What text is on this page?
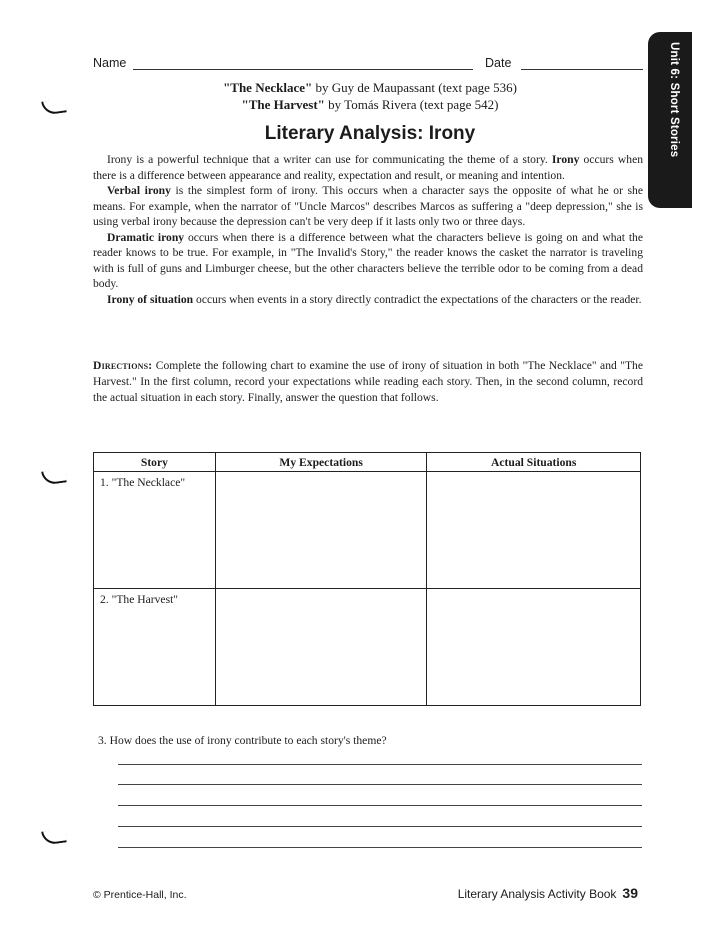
Name	Date	Unit 6: Short Stories
"The Necklace" by Guy de Maupassant (text page 536)
"The Harvest" by Tomás Rivera (text page 542)
Literary Analysis: Irony

Irony is a powerful technique that a writer can use for communicating the theme of a story. Irony occurs when there is a difference between appearance and reality, expectation and result, or meaning and intention.

Verbal irony is the simplest form of irony. This occurs when a character says the opposite of what he or she means. For example, when the narrator of "Uncle Marcos" describes Marcos as suffering a "deep depression," she is using verbal irony because the depression can't be very deep if it lasts only two or three days.

Dramatic irony occurs when there is a difference between what the characters believe is going on and what the reader knows to be true. For example, in "The Invalid's Story," the reader knows the casket the narrator is traveling with is full of guns and Limburger cheese, but the other characters believe the terrible odor to be coming from a dead body.

Irony of situation occurs when events in a story directly contradict the expectations of the characters or the reader.

Directions: Complete the following chart to examine the use of irony of situation in both "The Necklace" and "The Harvest." In the first column, record your expectations while reading each story. Then, in the second column, record the actual situation in each story. Finally, answer the question that follows.
Story	My Expectations	Actual Situations
1. "The Necklace"		
2. "The Harvest"		
3. How does the use of irony contribute to each story's theme?
© Prentice-Hall, Inc.	Literary Analysis Activity Book 39
